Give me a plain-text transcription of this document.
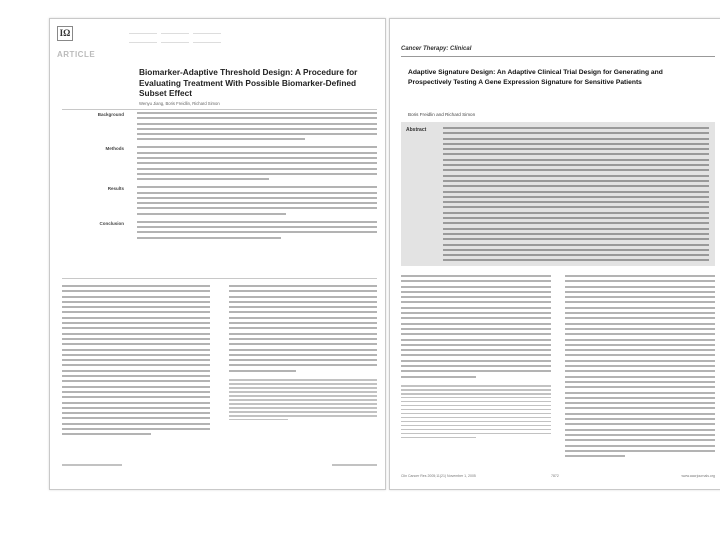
IΩ
ARTICLE
Biomarker-Adaptive Threshold Design: A Procedure for Evaluating Treatment With Possible Biomarker-Defined Subset Effect
Wenyu Jiang, Boris Freidlin, Richard Simon
Background
Methods
Results
Conclusion
Cancer Therapy: Clinical
Adaptive Signature Design: An Adaptive Clinical Trial Design for Generating and Prospectively Testing A Gene Expression Signature for Sensitive Patients
Boris Freidlin and Richard Simon
Abstract
Clin Cancer Res 2005;11(21) November 1, 2005	7872	www.aacrjournals.org
